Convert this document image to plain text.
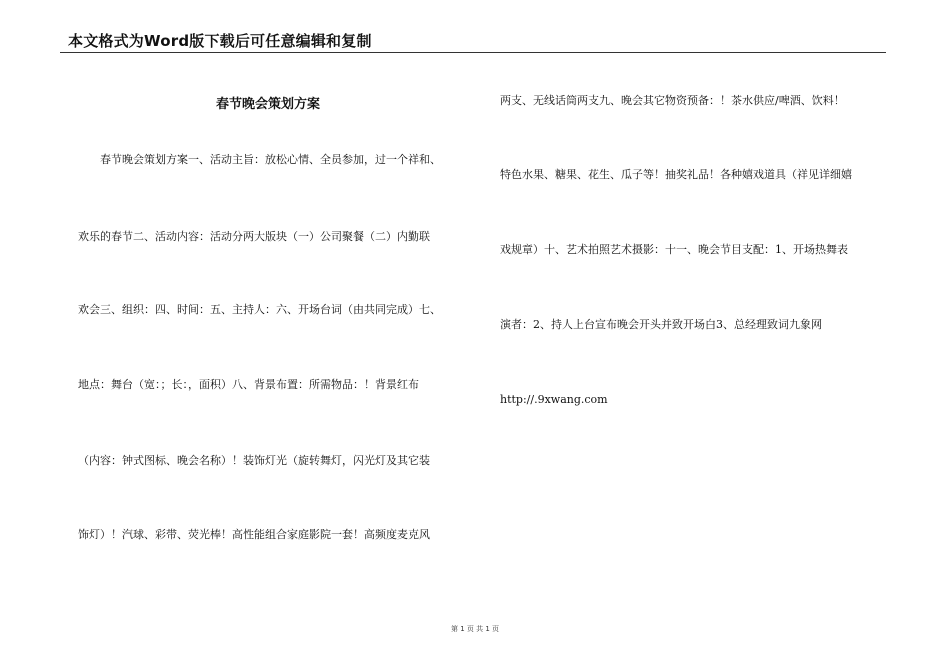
本文格式为Word版下载后可任意编辑和复制
春节晚会策划方案
春节晚会策划方案一、活动主旨：放松心情、全员参加，过一个祥和、
欢乐的春节二、活动内容：活动分两大版块（一）公司聚餐（二）内勤联
欢会三、组织：四、时间：五、主持人：六、开场台词（由共同完成）七、
地点：舞台（宽：；长：，面积）八、背景布置：所需物品：！背景红布
（内容：钟式图标、晚会名称）！装饰灯光（旋转舞灯，闪光灯及其它装
饰灯）！汽球、彩带、荧光棒！高性能组合家庭影院一套！高频度麦克风
两支、无线话筒两支九、晚会其它物资预备：！茶水供应/啤酒、饮料！
特色水果、糖果、花生、瓜子等！抽奖礼品！各种嬉戏道具（祥见详细嬉
戏规章）十、艺术拍照艺术摄影：十一、晚会节目支配：1、开场热舞表
演者：2、持人上台宣布晚会开头并致开场白3、总经理致词九象网
http://.9xwang.com
第 1 页 共 1 页
